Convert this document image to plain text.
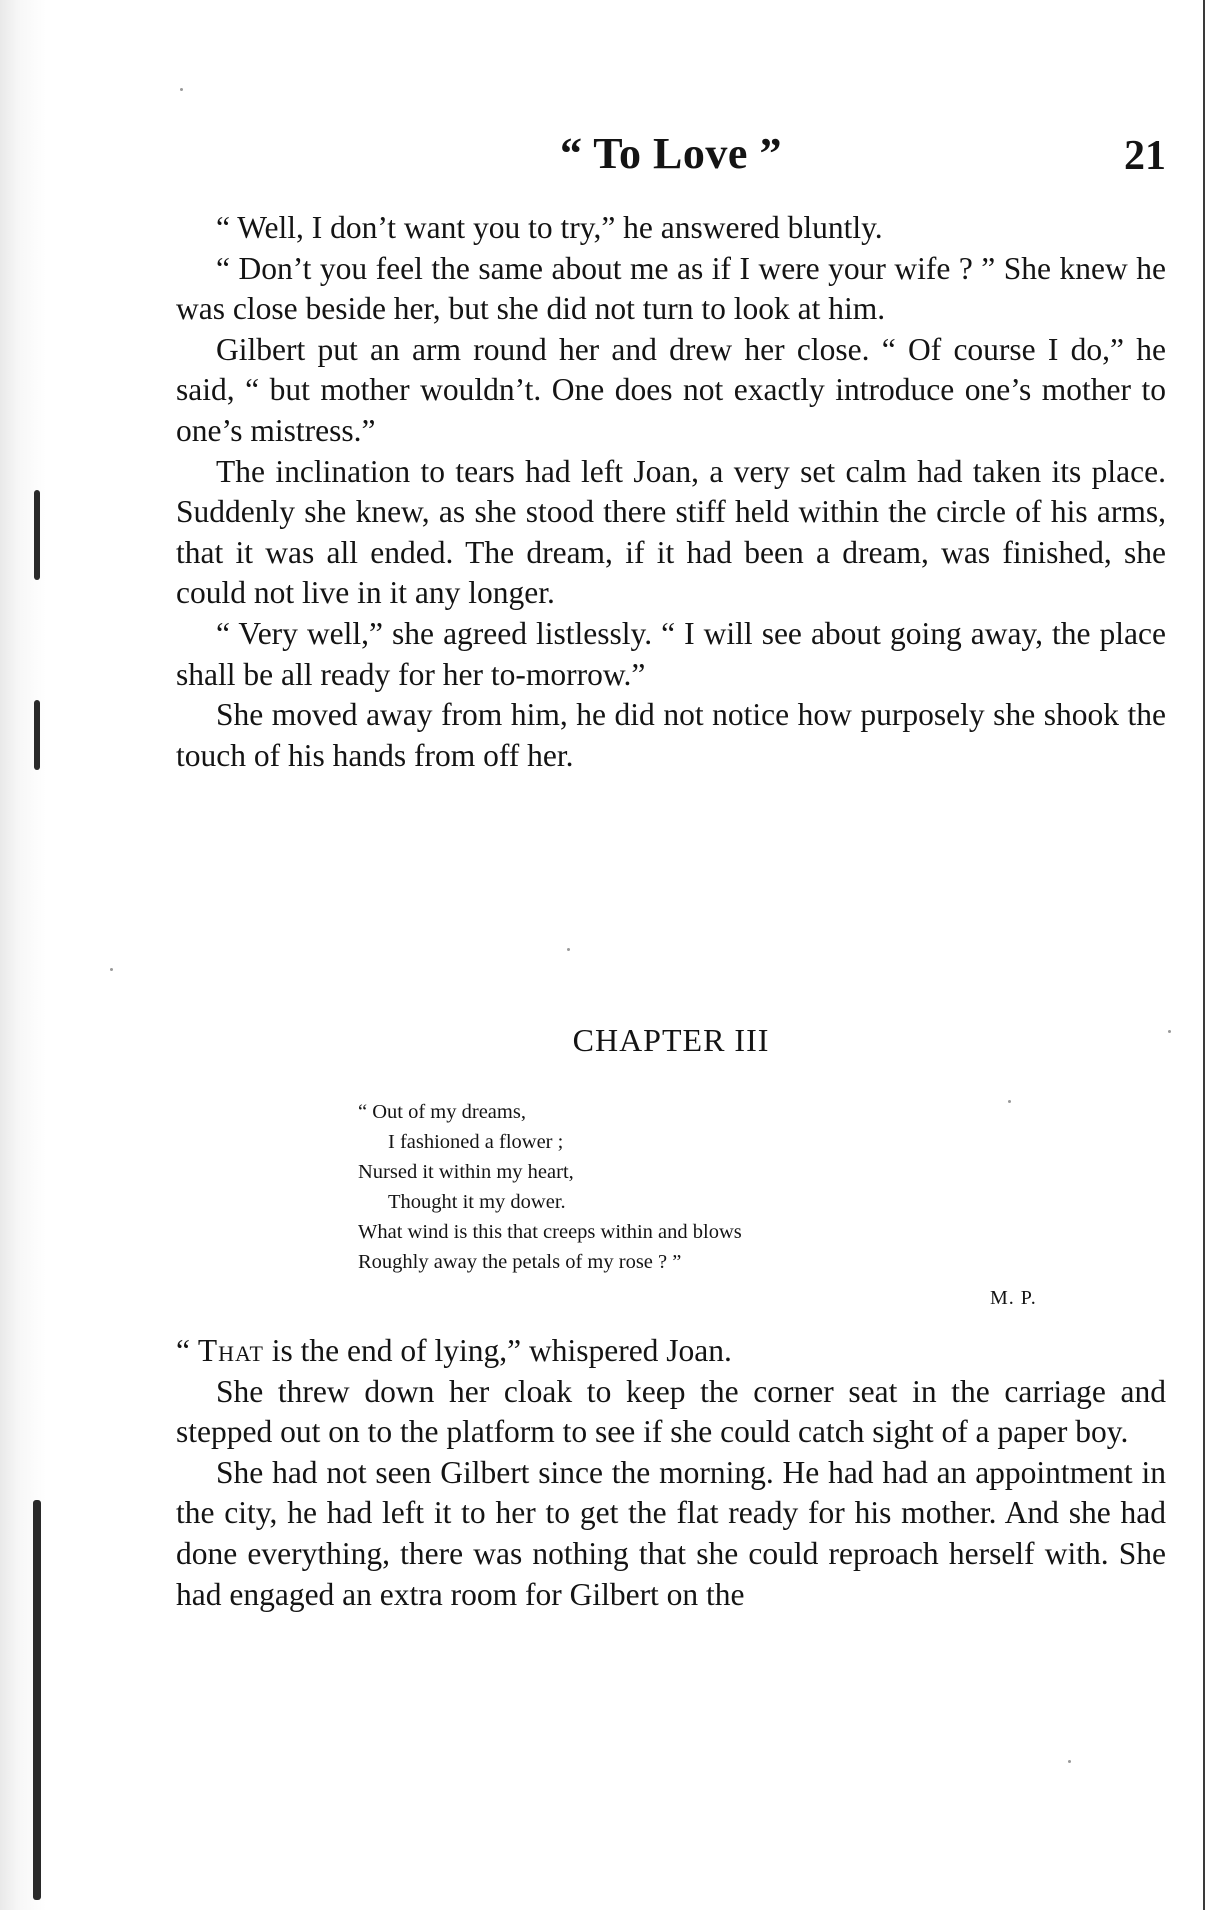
“ To Love ”	21

“ Well, I don’t want you to try,” he answered bluntly.

“ Don’t you feel the same about me as if I were your wife ? ” She knew he was close beside her, but she did not turn to look at him.

Gilbert put an arm round her and drew her close. “ Of course I do,” he said, “ but mother wouldn’t. One does not exactly introduce one’s mother to one’s mistress.”

The inclination to tears had left Joan, a very set calm had taken its place. Suddenly she knew, as she stood there stiff held within the circle of his arms, that it was all ended. The dream, if it had been a dream, was finished, she could not live in it any longer.

“ Very well,” she agreed listlessly. “ I will see about going away, the place shall be all ready for her to-morrow.”

She moved away from him, he did not notice how purposely she shook the touch of his hands from off her.

CHAPTER III
“ Out of my dreams,
I fashioned a flower ;
Nursed it within my heart,
Thought it my dower.
What wind is this that creeps within and blows
Roughly away the petals of my rose ? ”
M. P.

“ That is the end of lying,” whispered Joan.

She threw down her cloak to keep the corner seat in the carriage and stepped out on to the platform to see if she could catch sight of a paper boy.

She had not seen Gilbert since the morning. He had had an appointment in the city, he had left it to her to get the flat ready for his mother. And she had done everything, there was nothing that she could reproach herself with. She had engaged an extra room for Gilbert on the
